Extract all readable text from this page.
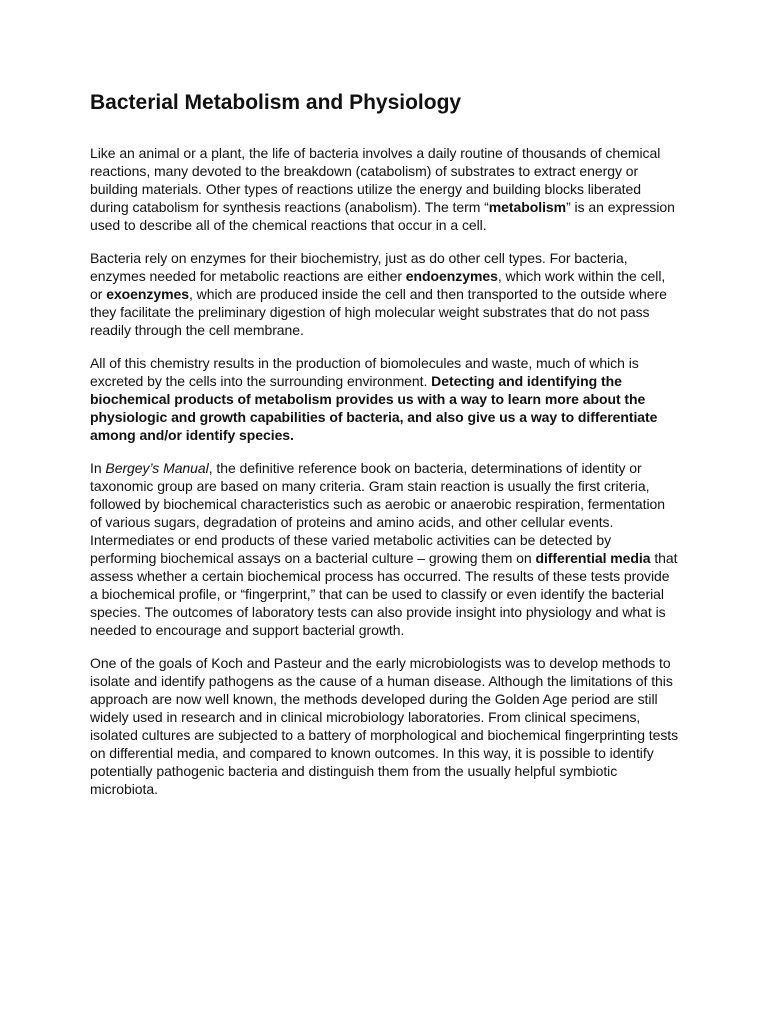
Bacterial Metabolism and Physiology

Like an animal or a plant, the life of bacteria involves a daily routine of thousands of chemical reactions, many devoted to the breakdown (catabolism) of substrates to extract energy or building materials. Other types of reactions utilize the energy and building blocks liberated during catabolism for synthesis reactions (anabolism). The term “metabolism” is an expression used to describe all of the chemical reactions that occur in a cell.

Bacteria rely on enzymes for their biochemistry, just as do other cell types. For bacteria, enzymes needed for metabolic reactions are either endoenzymes, which work within the cell, or exoenzymes, which are produced inside the cell and then transported to the outside where they facilitate the preliminary digestion of high molecular weight substrates that do not pass readily through the cell membrane.

All of this chemistry results in the production of biomolecules and waste, much of which is excreted by the cells into the surrounding environment. Detecting and identifying the biochemical products of metabolism provides us with a way to learn more about the physiologic and growth capabilities of bacteria, and also give us a way to differentiate among and/or identify species.

In Bergey’s Manual, the definitive reference book on bacteria, determinations of identity or taxonomic group are based on many criteria. Gram stain reaction is usually the first criteria, followed by biochemical characteristics such as aerobic or anaerobic respiration, fermentation of various sugars, degradation of proteins and amino acids, and other cellular events. Intermediates or end products of these varied metabolic activities can be detected by performing biochemical assays on a bacterial culture – growing them on differential media that assess whether a certain biochemical process has occurred. The results of these tests provide a biochemical profile, or “fingerprint,” that can be used to classify or even identify the bacterial species. The outcomes of laboratory tests can also provide insight into physiology and what is needed to encourage and support bacterial growth.

One of the goals of Koch and Pasteur and the early microbiologists was to develop methods to isolate and identify pathogens as the cause of a human disease. Although the limitations of this approach are now well known, the methods developed during the Golden Age period are still widely used in research and in clinical microbiology laboratories. From clinical specimens, isolated cultures are subjected to a battery of morphological and biochemical fingerprinting tests on differential media, and compared to known outcomes. In this way, it is possible to identify potentially pathogenic bacteria and distinguish them from the usually helpful symbiotic microbiota.
